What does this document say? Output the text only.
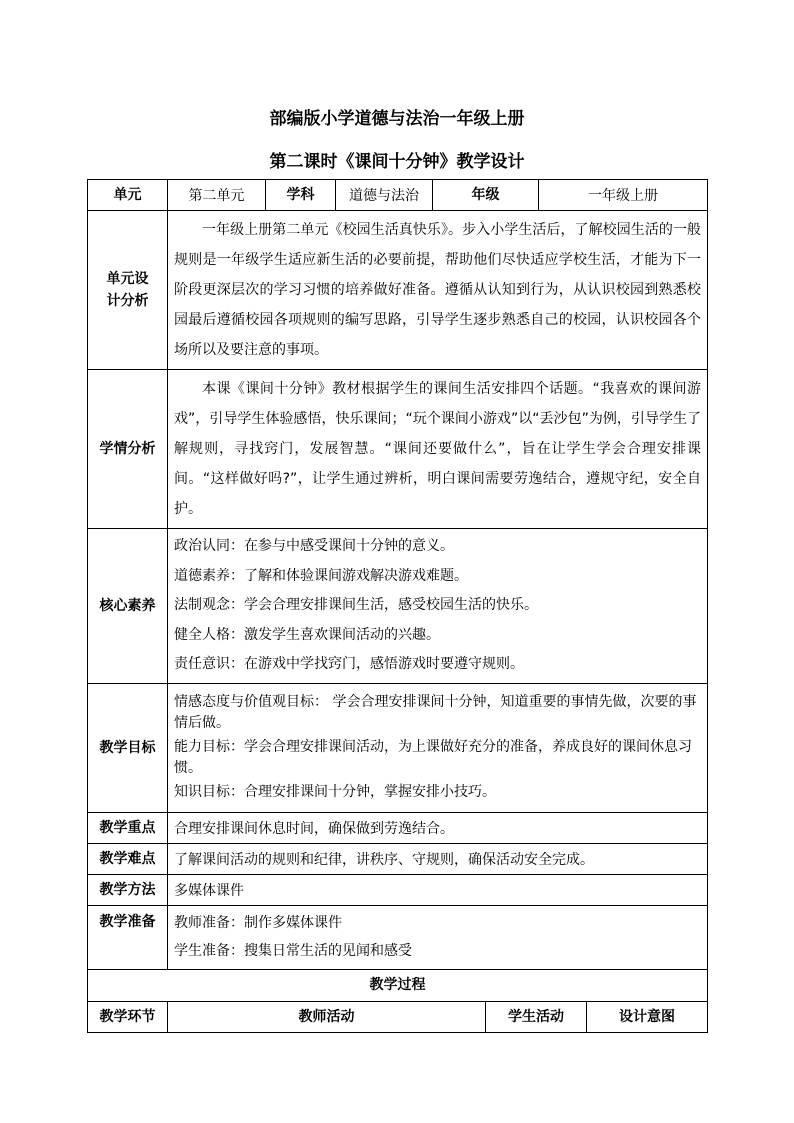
部编版小学道德与法治一年级上册
第二课时《课间十分钟》教学设计
单元	第二单元	学科	道德与法治	年级		一年级上册	
单元设计分析	一年级上册第二单元《校园生活真快乐》。步入小学生活后，了解校园生活的一般规则是一年级学生适应新生活的必要前提，帮助他们尽快适应学校生活，才能为下一阶段更深层次的学习习惯的培养做好准备。遵循从认知到行为，从认识校园到熟悉校园最后遵循校园各项规则的编写思路，引导学生逐步熟悉自己的校园，认识校园各个场所以及要注意的事项。						

学情分析	本课《课间十分钟》教材根据学生的课间生活安排四个话题。“我喜欢的课间游戏”，引导学生体验感悟，快乐课间；“玩个课间小游戏”以“丢沙包”为例，引导学生了解规则，寻找窍门，发展智慧。“课间还要做什么”，旨在让学生学会合理安排课间。“这样做好吗?”，让学生通过辨析，明白课间需要劳逸结合，遵规守纪，安全自护。						

核心素养	政治认同：在参与中感受课间十分钟的意义。
道德素养：了解和体验课间游戏解决游戏难题。
法制观念：学会合理安排课间生活，感受校园生活的快乐。
健全人格：激发学生喜欢课间活动的兴趣。
责任意识：在游戏中学找窍门，感悟游戏时要遵守规则。						

教学目标	情感态度与价值观目标： 学会合理安排课间十分钟，知道重要的事情先做，次要的事情后做。
能力目标：学会合理安排课间活动，为上课做好充分的准备，养成良好的课间休息习惯。
知识目标：合理安排课间十分钟，掌握安排小技巧。						

教学重点	合理安排课间休息时间，确保做到劳逸结合。						
教学难点	了解课间活动的规则和纪律，讲秩序、守规则，确保活动安全完成。						
教学方法	多媒体课件						
教学准备	教师准备：制作多媒体课件
学生准备：搜集日常生活的见闻和感受						

教学过程							
教学环节	教师活动				学生活动		设计意图
